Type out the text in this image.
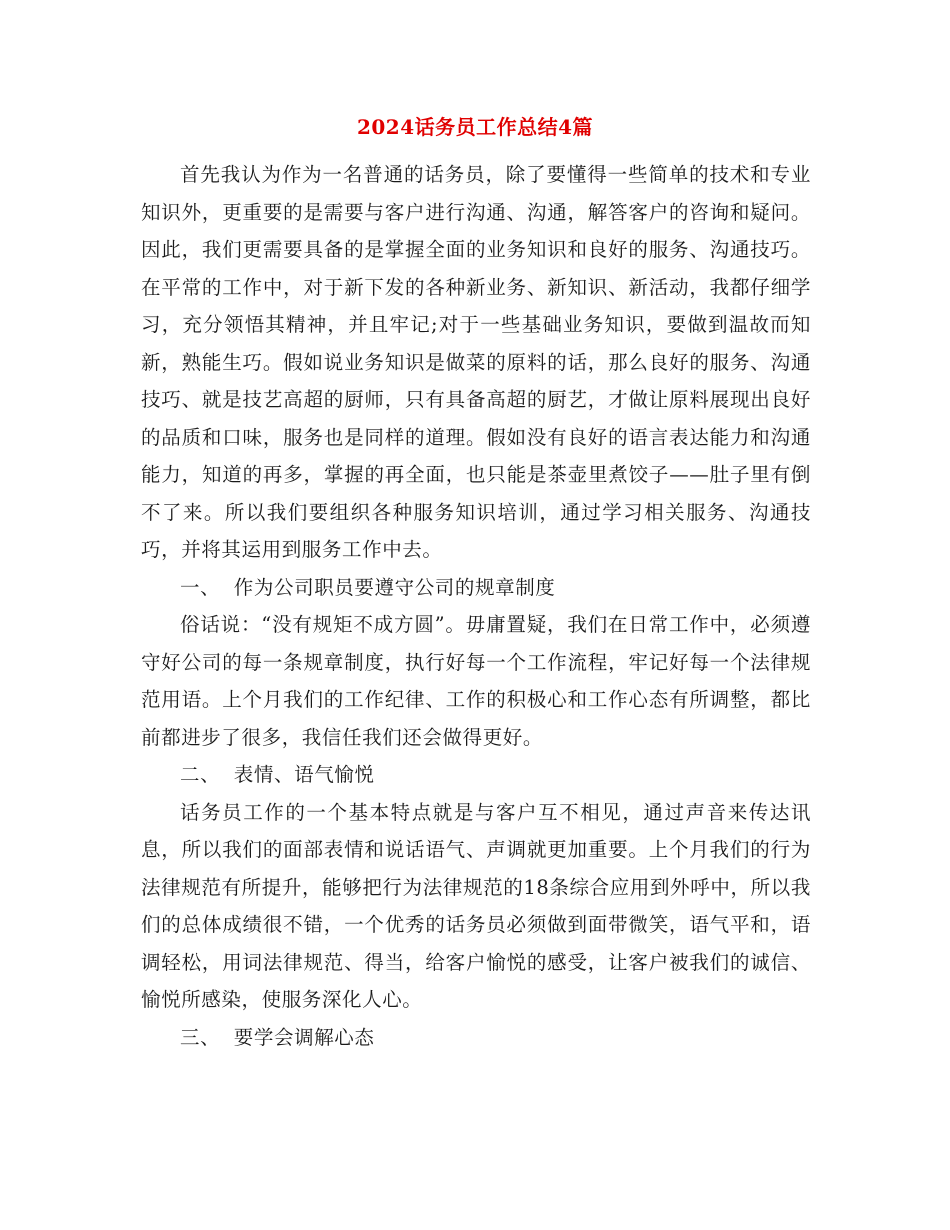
2024话务员工作总结4篇

首先我认为作为一名普通的话务员，除了要懂得一些简单的技术和专业知识外，更重要的是需要与客户进行沟通、沟通，解答客户的咨询和疑问。因此，我们更需要具备的是掌握全面的业务知识和良好的服务、沟通技巧。在平常的工作中，对于新下发的各种新业务、新知识、新活动，我都仔细学习，充分领悟其精神，并且牢记;对于一些基础业务知识，要做到温故而知新，熟能生巧。假如说业务知识是做菜的原料的话，那么良好的服务、沟通技巧、就是技艺高超的厨师，只有具备高超的厨艺，才做让原料展现出良好的品质和口味，服务也是同样的道理。假如没有良好的语言表达能力和沟通能力，知道的再多，掌握的再全面，也只能是茶壶里煮饺子——肚子里有倒不了来。所以我们要组织各种服务知识培训，通过学习相关服务、沟通技巧，并将其运用到服务工作中去。

一、  作为公司职员要遵守公司的规章制度

俗话说：“没有规矩不成方圆”。毋庸置疑，我们在日常工作中，必须遵守好公司的每一条规章制度，执行好每一个工作流程，牢记好每一个法律规范用语。上个月我们的工作纪律、工作的积极心和工作心态有所调整，都比前都进步了很多，我信任我们还会做得更好。

二、  表情、语气愉悦

话务员工作的一个基本特点就是与客户互不相见，通过声音来传达讯息，所以我们的面部表情和说话语气、声调就更加重要。上个月我们的行为法律规范有所提升，能够把行为法律规范的18条综合应用到外呼中，所以我们的总体成绩很不错，一个优秀的话务员必须做到面带微笑，语气平和，语调轻松，用词法律规范、得当，给客户愉悦的感受，让客户被我们的诚信、愉悦所感染，使服务深化人心。

三、  要学会调解心态
